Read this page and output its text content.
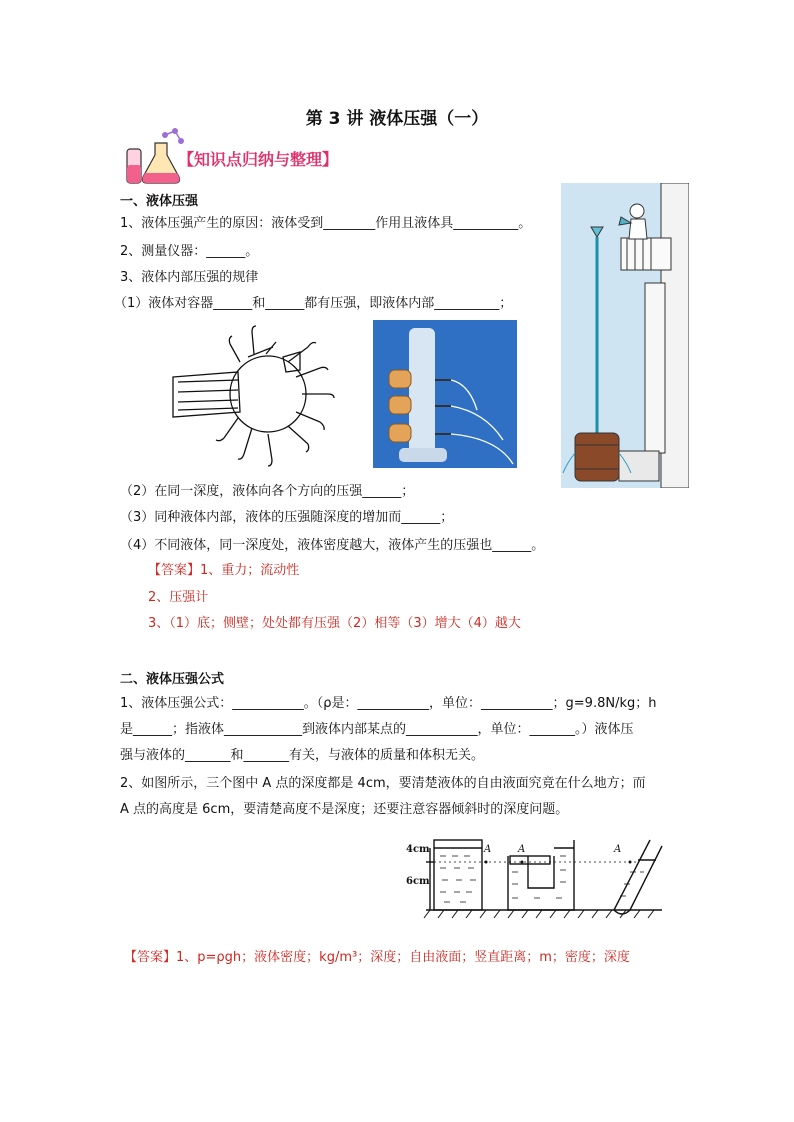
第 3 讲 液体压强（一）
【知识点归纳与整理】
一、液体压强
1、液体压强产生的原因：液体受到________作用且液体具__________。
2、测量仪器：______。
3、液体内部压强的规律
（1）液体对容器______和______都有压强，即液体内部__________；
（2）在同一深度，液体向各个方向的压强______；
（3）同种液体内部，液体的压强随深度的增加而______；
（4）不同液体，同一深度处，液体密度越大，液体产生的压强也______。
【答案】1、重力；流动性
2、压强计
3、（1）底；侧壁；处处都有压强（2）相等（3）增大（4）越大
二、液体压强公式
1、液体压强公式：___________。（ρ是：___________，单位：___________；g=9.8N/kg；h
是______；指液体____________到液体内部某点的___________，单位：_______。）液体压
强与液体的_______和_______有关，与液体的质量和体积无关。
2、如图所示，三个图中 A 点的深度都是 4cm，要清楚液体的自由液面究竟在什么地方；而
A 点的高度是 6cm，要清楚高度不是深度；还要注意容器倾斜时的深度问题。
4cm
6cm
A	A	A
【答案】1、p=ρgh；液体密度；kg/m³；深度；自由液面；竖直距离；m；密度；深度
